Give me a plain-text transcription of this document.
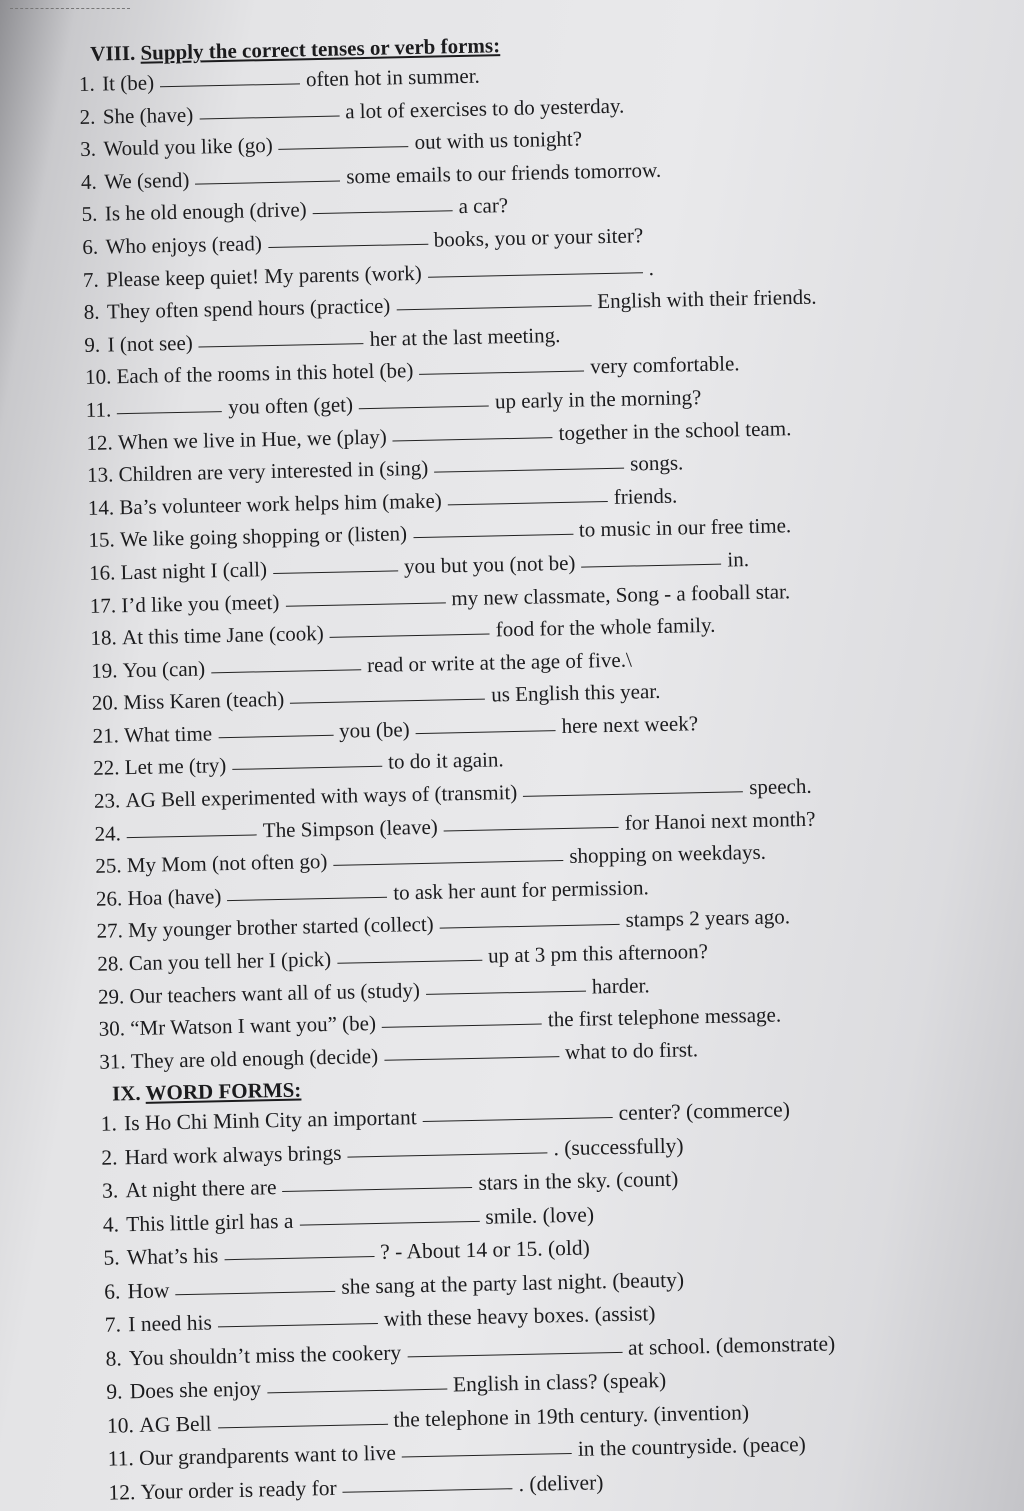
VIII. Supply the correct tenses or verb forms:
1.
It (be)	often hot in summer.
2.
She (have)	a lot of exercises to do yesterday.
3.
Would you like (go)	out with us tonight?
4.
We (send)	some emails to our friends tomorrow.
5.
Is he old enough (drive)	a car?
6.
Who enjoys (read)	books, you or your siter?
7.
Please keep quiet! My parents (work)	.
8.
They often spend hours (practice)	English with their friends.
9.
I (not see)	her at the last meeting.
10.
Each of the rooms in this hotel (be)	very comfortable.
11.	you often (get)	up early in the morning?
12.
When we live in Hue, we (play)	together in the school team.
13.
Children are very interested in (sing)	songs.
14.
Ba’s volunteer work helps him (make)	friends.
15.
We like going shopping or (listen)	to music in our free time.
16.
Last night I (call)	you but you (not be)	in.
17.
I’d like you (meet)	my new classmate, Song - a fooball star.
18.
At this time Jane (cook)	food for the whole family.
19.
You (can)	read or write at the age of five.\
20.
Miss Karen (teach)	us English this year.
21.
What time	you (be)	here next week?
22.
Let me (try)	to do it again.
23.
AG Bell experimented with ways of (transmit)	speech.
24.	The Simpson (leave)	for Hanoi next month?
25.
My Mom (not often go)	shopping on weekdays.
26.
Hoa (have)	to ask her aunt for permission.
27.
My younger brother started (collect)	stamps 2 years ago.
28.
Can you tell her I (pick)	up at 3 pm this afternoon?
29.
Our teachers want all of us (study)	harder.
30.
“Mr Watson I want you” (be)	the first telephone message.
31.
They are old enough (decide)	what to do first.
IX. WORD FORMS:
1.
Is Ho Chi Minh City an important	center? (commerce)
2.
Hard work always brings	. (successfully)
3.
At night there are	stars in the sky. (count)
4.
This little girl has a	smile. (love)
5.
What’s his	? - About 14 or 15. (old)
6.
How	she sang at the party last night. (beauty)
7.
I need his	with these heavy boxes. (assist)
8.
You shouldn’t miss the cookery	at school. (demonstrate)
9.
Does she enjoy	English in class? (speak)
10.
AG Bell	the telephone in 19th century. (invention)
11.
Our grandparents want to live	in the countryside. (peace)
12.
Your order is ready for	. (deliver)
